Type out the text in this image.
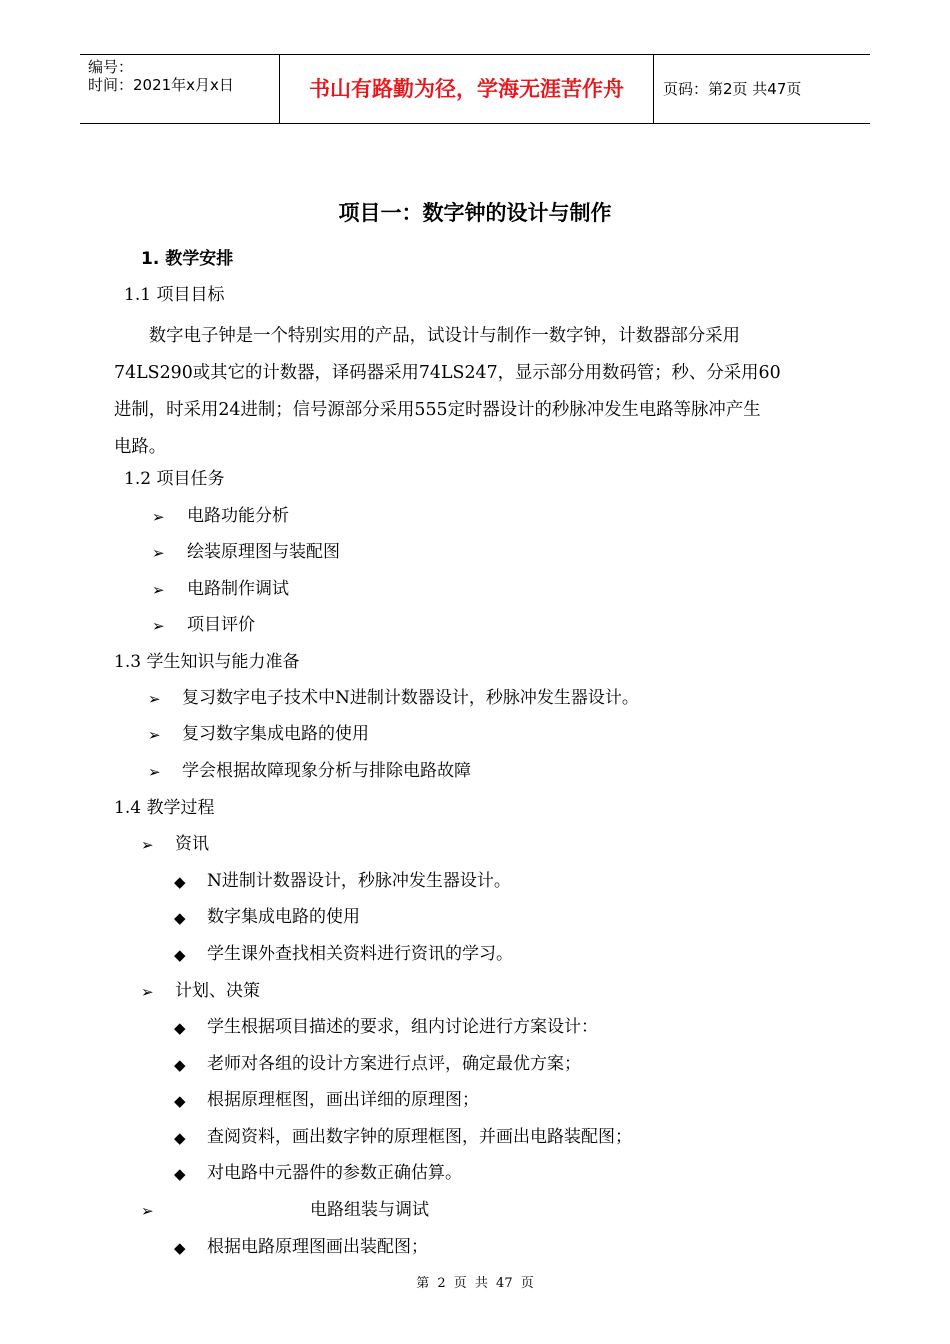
编号：
时间：2021年x月x日	书山有路勤为径，学海无涯苦作舟	页码：第2页 共47页
项目一：数字钟的设计与制作
1. 教学安排
1.1 项目目标

　　数字电子钟是一个特别实用的产品，试设计与制作一数字钟，计数器部分采用

74LS290或其它的计数器，译码器采用74LS247，显示部分用数码管；秒、分采用60

进制，时采用24进制；信号源部分采用555定时器设计的秒脉冲发生电路等脉冲产生

电路。

1.2 项目任务
➢ 电路功能分析
➢ 绘装原理图与装配图
➢ 电路制作调试
➢ 项目评价
1.3 学生知识与能力准备
➢ 复习数字电子技术中N进制计数器设计，秒脉冲发生器设计。
➢ 复习数字集成电路的使用
➢ 学会根据故障现象分析与排除电路故障
1.4 教学过程
➢ 资讯
◆ N进制计数器设计，秒脉冲发生器设计。
◆ 数字集成电路的使用
◆ 学生课外查找相关资料进行资讯的学习。
➢ 计划、决策
◆ 学生根据项目描述的要求，组内讨论进行方案设计：
◆ 老师对各组的设计方案进行点评，确定最优方案；
◆ 根据原理框图，画出详细的原理图；
◆ 查阅资料，画出数字钟的原理框图，并画出电路装配图；
◆ 对电路中元器件的参数正确估算。
➢	电路组装与调试
◆ 根据电路原理图画出装配图；
第 2 页 共 47 页
